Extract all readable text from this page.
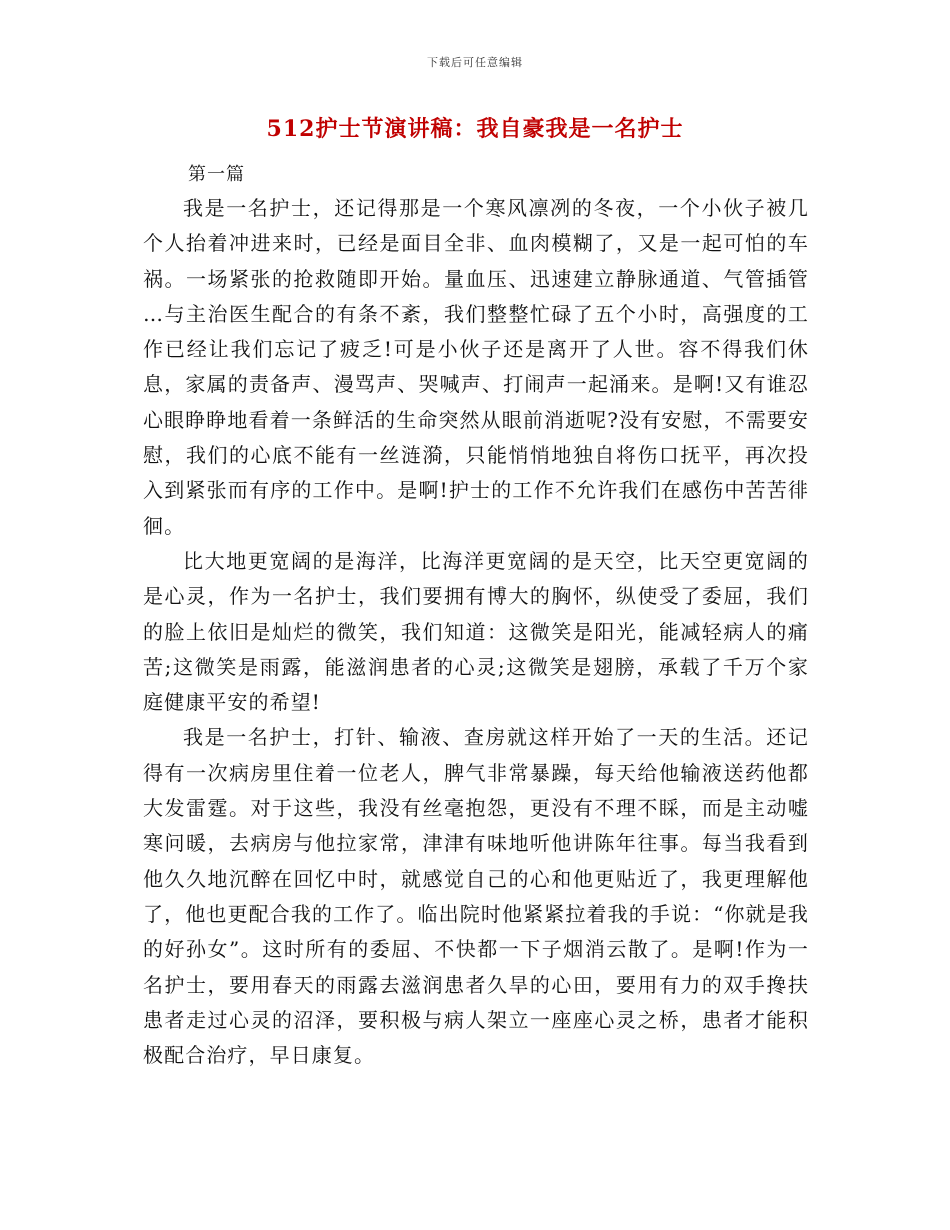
下载后可任意编辑
512护士节演讲稿：我自豪我是一名护士
第一篇

我是一名护士，还记得那是一个寒风凛冽的冬夜，一个小伙子被几个人抬着冲进来时，已经是面目全非、血肉模糊了，又是一起可怕的车祸。一场紧张的抢救随即开始。量血压、迅速建立静脉通道、气管插管 …与主治医生配合的有条不紊，我们整整忙碌了五个小时，高强度的工作已经让我们忘记了疲乏!可是小伙子还是离开了人世。容不得我们休息，家属的责备声、漫骂声、哭喊声、打闹声一起涌来。是啊!又有谁忍心眼睁睁地看着一条鲜活的生命突然从眼前消逝呢?没有安慰，不需要安慰，我们的心底不能有一丝涟漪，只能悄悄地独自将伤口抚平，再次投入到紧张而有序的工作中。是啊!护士的工作不允许我们在感伤中苦苦徘徊。

比大地更宽阔的是海洋，比海洋更宽阔的是天空，比天空更宽阔的是心灵，作为一名护士，我们要拥有博大的胸怀，纵使受了委屈，我们的脸上依旧是灿烂的微笑，我们知道：这微笑是阳光，能减轻病人的痛苦;这微笑是雨露，能滋润患者的心灵;这微笑是翅膀，承载了千万个家庭健康平安的希望!

我是一名护士，打针、输液、查房就这样开始了一天的生活。还记得有一次病房里住着一位老人，脾气非常暴躁，每天给他输液送药他都大发雷霆。对于这些，我没有丝毫抱怨，更没有不理不睬，而是主动嘘寒问暖，去病房与他拉家常，津津有味地听他讲陈年往事。每当我看到他久久地沉醉在回忆中时，就感觉自己的心和他更贴近了，我更理解他了，他也更配合我的工作了。临出院时他紧紧拉着我的手说：“你就是我的好孙女”。这时所有的委屈、不快都一下子烟消云散了。是啊!作为一名护士，要用春天的雨露去滋润患者久旱的心田，要用有力的双手搀扶患者走过心灵的沼泽，要积极与病人架立一座座心灵之桥，患者才能积极配合治疗，早日康复。
